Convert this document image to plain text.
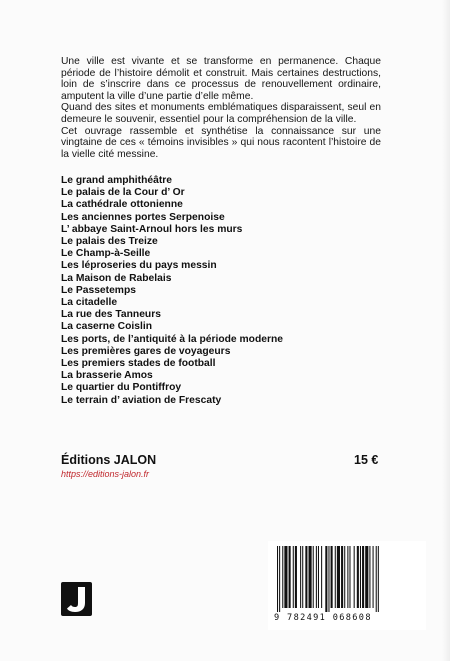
Une ville est vivante et se transforme en permanence. Chaque période de l’histoire démolit et construit. Mais certaines destructions, loin de s’inscrire dans ce processus de renouvellement ordinaire, amputent la ville d’une partie d’elle même.

Quand des sites et monuments emblématiques disparaissent, seul en demeure le souvenir, essentiel pour la compréhension de la ville.

Cet ouvrage rassemble et synthétise la connaissance sur une vingtaine de ces « témoins invisibles » qui nous racontent l’histoire de la vielle cité messine.

Le grand amphithéâtre
Le palais de la Cour d’ Or
La cathédrale ottonienne
Les anciennes portes Serpenoise
L’ abbaye Saint-Arnoul hors les murs
Le palais des Treize
Le Champ-à-Seille
Les léproseries du pays messin
La Maison de Rabelais
Le Passetemps
La citadelle
La rue des Tanneurs
La caserne Coislin
Les ports, de l’antiquité à la période moderne
Les premières gares de voyageurs
Les premiers stades de football
La brasserie Amos
Le quartier du Pontiffroy
Le terrain d’ aviation de Frescaty
Éditions JALON
https://editions-jalon.fr
15 €
9 782491 068608
